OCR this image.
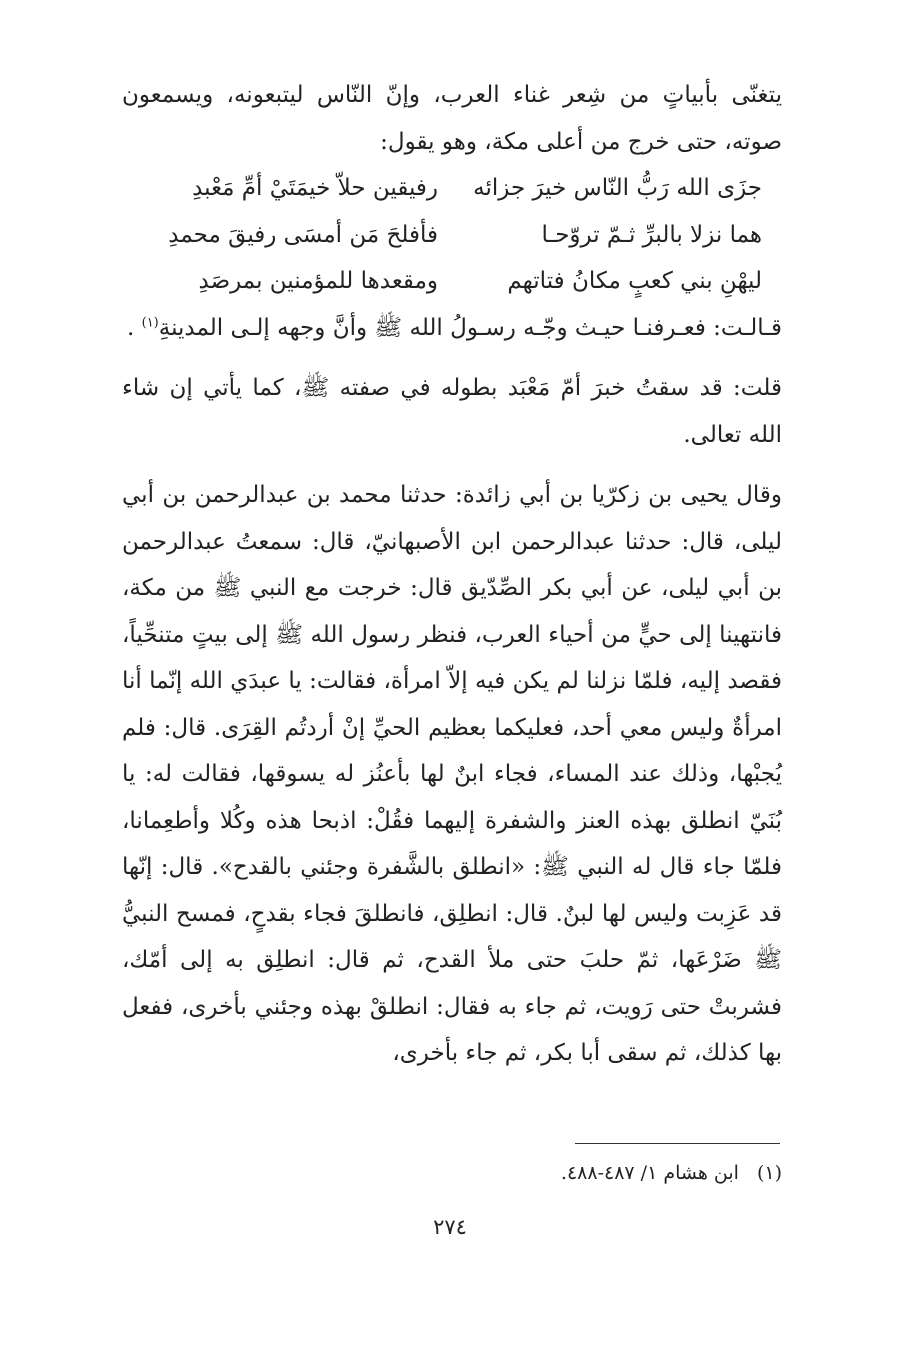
يتغنّى بأبياتٍ من شِعر غناء العرب، وإنّ النّاس ليتبعونه، ويسمعون صوته، حتى خرج من أعلى مكة، وهو يقول:

جزَى الله رَبُّ النّاس خيرَ جزائه
رفيقين حلاّ خيمَتَيْ أمِّ مَعْبدِ
هما نزلا بالبرِّ ثـمّ تروّحـا
فأفلحَ مَن أمسَى رفيقَ محمدِ
ليهْنِ بني كعبٍ مكانُ فتاتهم
ومقعدها للمؤمنين بمرصَدِ

قـالـت: فعـرفنـا حيـث وجّـه رسـولُ الله ﷺ وأنَّ وجهه إلـى المدينةِ$^{(١)}$ .

قلت: قد سقتُ خبرَ أمّ مَعْبَد بطوله في صفته ﷺ، كما يأتي إن شاء الله تعالى.

وقال يحيى بن زكرّيا بن أبي زائدة: حدثنا محمد بن عبدالرحمن بن أبي ليلى، قال: حدثنا عبدالرحمن ابن الأصبهانيّ، قال: سمعتُ عبدالرحمن بن أبي ليلى، عن أبي بكر الصِّدّيق قال: خرجت مع النبي ﷺ من مكة، فانتهينا إلى حيٍّ من أحياء العرب، فنظر رسول الله ﷺ إلى بيتٍ متنحِّياً، فقصد إليه، فلمّا نزلنا لم يكن فيه إلاّ امرأة، فقالت: يا عبدَي الله إنّما أنا امرأةٌ وليس معي أحد، فعليكما بعظيم الحيِّ إنْ أردتُم القِرَى. قال: فلم يُجبْها، وذلك عند المساء، فجاء ابنٌ لها بأعنُز له يسوقها، فقالت له: يا بُنَيّ انطلق بهذه العنز والشفرة إليهما فقُلْ: اذبحا هذه وكُلا وأطعِمانا، فلمّا جاء قال له النبي ﷺ: «انطلق بالشَّفرة وجئني بالقدح». قال: إنّها قد عَزِبت وليس لها لبنٌ. قال: انطلِق، فانطلقَ فجاء بقدحٍ، فمسح النبيُّ ﷺ ضَرْعَها، ثمّ حلبَ حتى ملأ القدح، ثم قال: انطلِق به إلى أمّك، فشربتْ حتى رَويت، ثم جاء به فقال: انطلقْ بهذه وجئني بأخرى، ففعل بها كذلك، ثم سقى أبا بكر، ثم جاء بأخرى،

(١)ابن هشام ١/ ٤٨٧-٤٨٨.
٢٧٤
